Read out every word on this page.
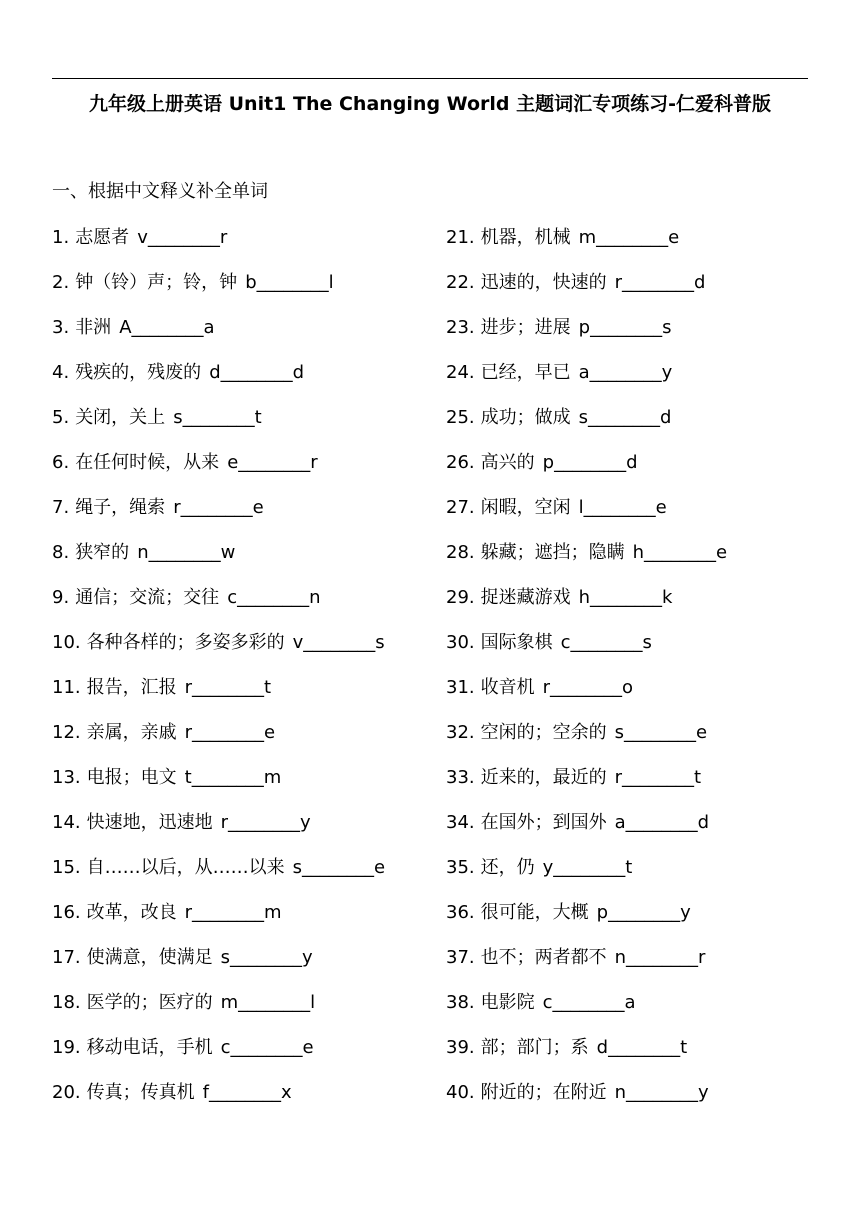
九年级上册英语 Unit1 The Changing World 主题词汇专项练习-仁爱科普版
一、根据中文释义补全单词
1. 志愿者 v________r
2. 钟（铃）声；铃，钟 b________l
3. 非洲 A________a
4. 残疾的，残废的 d________d
5. 关闭，关上 s________t
6. 在任何时候，从来 e________r
7. 绳子，绳索 r________e
8. 狭窄的 n________w
9. 通信；交流；交往 c________n
10. 各种各样的；多姿多彩的 v________s
11. 报告，汇报 r________t
12. 亲属，亲戚 r________e
13. 电报；电文 t________m
14. 快速地，迅速地 r________y
15. 自……以后，从……以来 s________e
16. 改革，改良 r________m
17. 使满意，使满足 s________y
18. 医学的；医疗的 m________l
19. 移动电话，手机 c________e
20. 传真；传真机 f________x
21. 机器，机械 m________e
22. 迅速的，快速的 r________d
23. 进步；进展 p________s
24. 已经，早已 a________y
25. 成功；做成 s________d
26. 高兴的 p________d
27. 闲暇，空闲 l________e
28. 躲藏；遮挡；隐瞒 h________e
29. 捉迷藏游戏 h________k
30. 国际象棋 c________s
31. 收音机 r________o
32. 空闲的；空余的 s________e
33. 近来的，最近的 r________t
34. 在国外；到国外 a________d
35. 还，仍 y________t
36. 很可能，大概 p________y
37. 也不；两者都不 n________r
38. 电影院 c________a
39. 部；部门；系 d________t
40. 附近的；在附近 n________y
